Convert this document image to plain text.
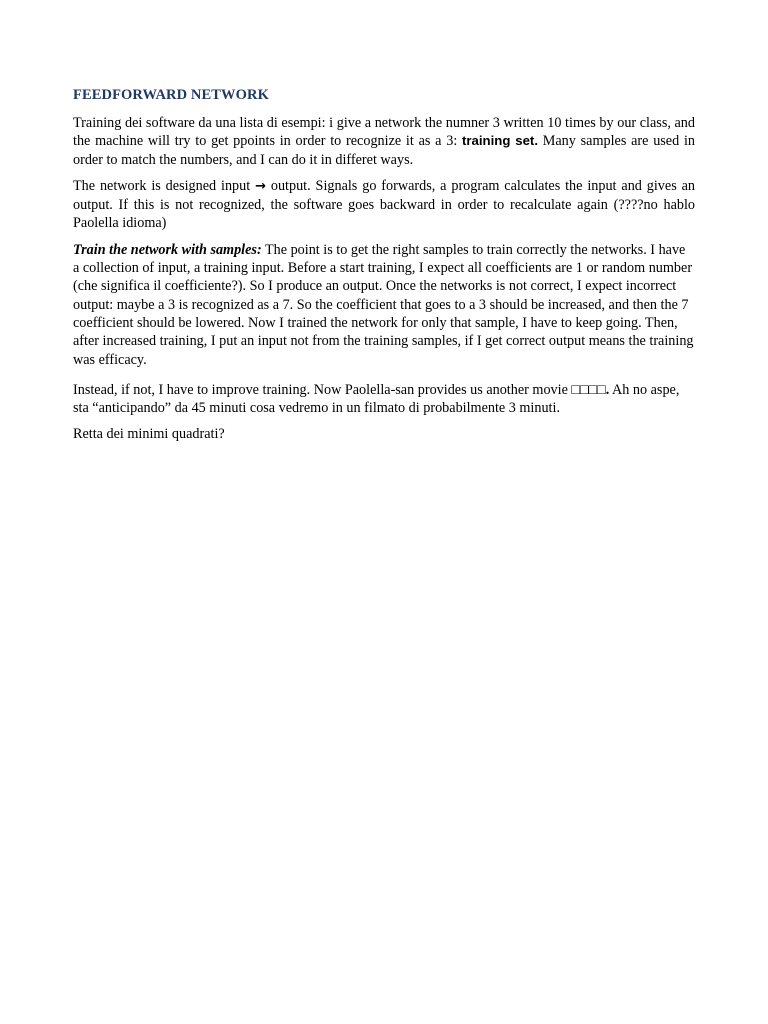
FEEDFORWARD NETWORK

Training dei software da una lista di esempi: i give a network the numner 3 written 10 times by our class, and the machine will try to get ppoints in order to recognize it as a 3: training set. Many samples are used in order to match the numbers, and I can do it in differet ways.

The network is designed input → output. Signals go forwards, a program calculates the input and gives an output. If this is not recognized, the software goes backward in order to recalculate again (????no hablo Paolella idioma)

Train the network with samples: The point is to get the right samples to train correctly the networks. I have a collection of input, a training input. Before a start training, I expect all coefficients are 1 or random number (che significa il coefficiente?). So I produce an output. Once the networks is not correct, I expect incorrect output: maybe a 3 is recognized as a 7. So the coefficient that goes to a 3 should be increased, and then the 7 coefficient should be lowered. Now I trained the network for only that sample, I have to keep going. Then, after increased training, I put an input not from the training samples, if I get correct output means the training was efficacy.

Instead, if not, I have to improve training. Now Paolella-san provides us another movie □□□□. Ah no aspe, sta “anticipando” da 45 minuti cosa vedremo in un filmato di probabilmente 3 minuti.

Retta dei minimi quadrati?
